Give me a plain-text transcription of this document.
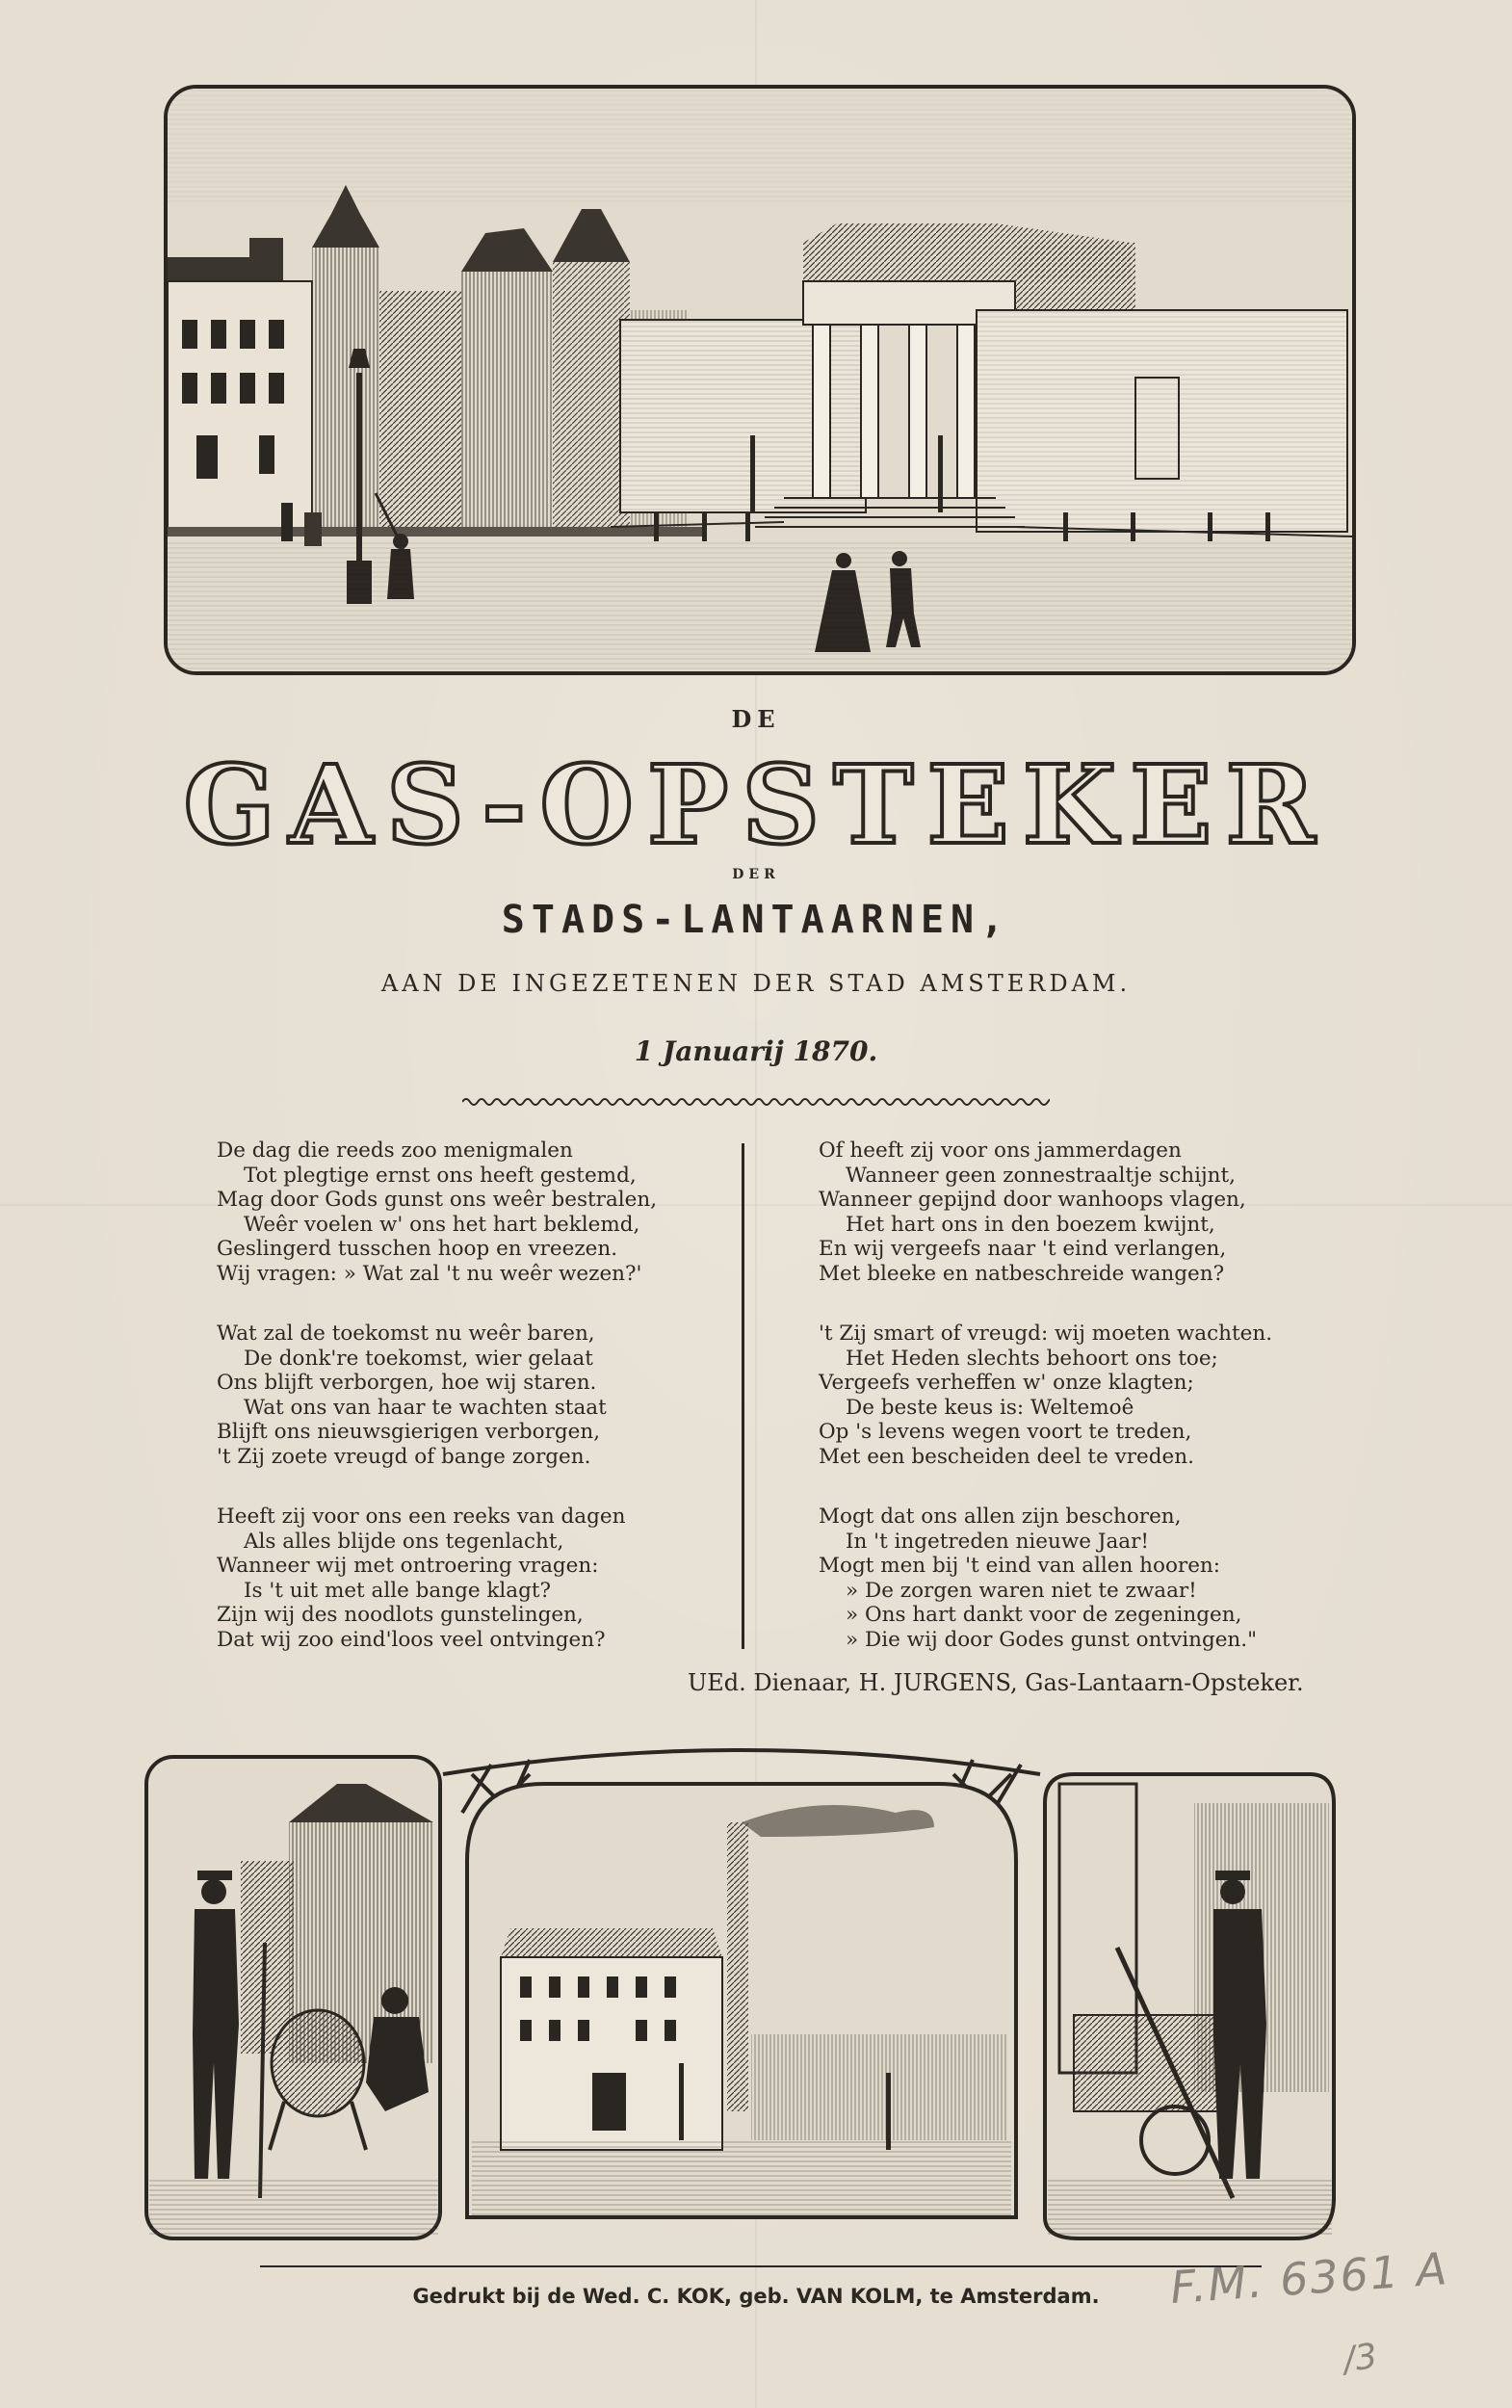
DE
GAS-OPSTEKER
DER
STADS-LANTAARNEN,
AAN DE INGEZETENEN DER STAD AMSTERDAM.
1 Januarij 1870.
De dag die reeds zoo menigmalen
Tot plegtige ernst ons heeft gestemd,
Mag door Gods gunst ons weêr bestralen,
Weêr voelen w' ons het hart beklemd,
Geslingerd tusschen hoop en vreezen.
Wij vragen: » Wat zal 't nu weêr wezen?'
Wat zal de toekomst nu weêr baren,
De donk're toekomst, wier gelaat
Ons blijft verborgen, hoe wij staren.
Wat ons van haar te wachten staat
Blijft ons nieuwsgierigen verborgen,
't Zij zoete vreugd of bange zorgen.
Heeft zij voor ons een reeks van dagen
Als alles blijde ons tegenlacht,
Wanneer wij met ontroering vragen:
Is 't uit met alle bange klagt?
Zijn wij des noodlots gunstelingen,
Dat wij zoo eind'loos veel ontvingen?
Of heeft zij voor ons jammerdagen
Wanneer geen zonnestraaltje schijnt,
Wanneer gepijnd door wanhoops vlagen,
Het hart ons in den boezem kwijnt,
En wij vergeefs naar 't eind verlangen,
Met bleeke en natbeschreide wangen?
't Zij smart of vreugd: wij moeten wachten.
Het Heden slechts behoort ons toe;
Vergeefs verheffen w' onze klagten;
De beste keus is: Weltemoê
Op 's levens wegen voort te treden,
Met een bescheiden deel te vreden.
Mogt dat ons allen zijn beschoren,
In 't ingetreden nieuwe Jaar!
Mogt men bij 't eind van allen hooren:
» De zorgen waren niet te zwaar!
» Ons hart dankt voor de zegeningen,
» Die wij door Godes gunst ontvingen."
UEd. Dienaar, H. JURGENS, Gas-Lantaarn-Opsteker.
Gedrukt bij de Wed. C. KOK, geb. VAN KOLM, te Amsterdam.	F.M. 6361 A
/3
